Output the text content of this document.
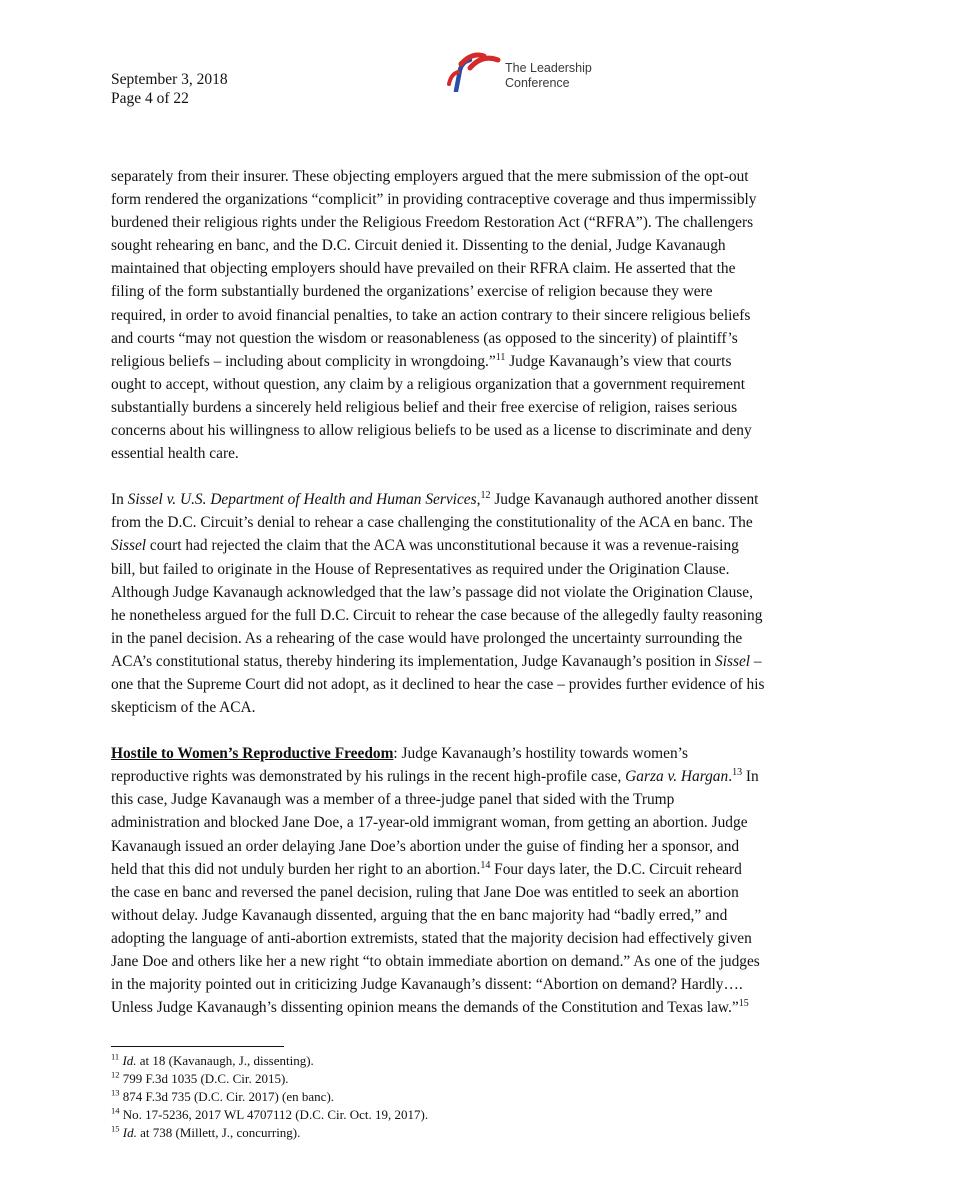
September 3, 2018
Page 4 of 22
The Leadership
Conference

separately from their insurer. These objecting employers argued that the mere submission of the opt-out
form rendered the organizations “complicit” in providing contraceptive coverage and thus impermissibly
burdened their religious rights under the Religious Freedom Restoration Act (“RFRA”). The challengers
sought rehearing en banc, and the D.C. Circuit denied it. Dissenting to the denial, Judge Kavanaugh
maintained that objecting employers should have prevailed on their RFRA claim. He asserted that the
filing of the form substantially burdened the organizations’ exercise of religion because they were
required, in order to avoid financial penalties, to take an action contrary to their sincere religious beliefs
and courts “may not question the wisdom or reasonableness (as opposed to the sincerity) of plaintiff’s
religious beliefs – including about complicity in wrongdoing.”$^{11}$ Judge Kavanaugh’s view that courts
ought to accept, without question, any claim by a religious organization that a government requirement
substantially burdens a sincerely held religious belief and their free exercise of religion, raises serious
concerns about his willingness to allow religious beliefs to be used as a license to discriminate and deny
essential health care.

In Sissel v. U.S. Department of Health and Human Services,$^{12}$ Judge Kavanaugh authored another dissent
from the D.C. Circuit’s denial to rehear a case challenging the constitutionality of the ACA en banc. The
Sissel court had rejected the claim that the ACA was unconstitutional because it was a revenue-raising
bill, but failed to originate in the House of Representatives as required under the Origination Clause.
Although Judge Kavanaugh acknowledged that the law’s passage did not violate the Origination Clause,
he nonetheless argued for the full D.C. Circuit to rehear the case because of the allegedly faulty reasoning
in the panel decision. As a rehearing of the case would have prolonged the uncertainty surrounding the
ACA’s constitutional status, thereby hindering its implementation, Judge Kavanaugh’s position in Sissel –
one that the Supreme Court did not adopt, as it declined to hear the case – provides further evidence of his
skepticism of the ACA.

Hostile to Women’s Reproductive Freedom: Judge Kavanaugh’s hostility towards women’s
reproductive rights was demonstrated by his rulings in the recent high-profile case, Garza v. Hargan.$^{13}$ In
this case, Judge Kavanaugh was a member of a three-judge panel that sided with the Trump
administration and blocked Jane Doe, a 17-year-old immigrant woman, from getting an abortion. Judge
Kavanaugh issued an order delaying Jane Doe’s abortion under the guise of finding her a sponsor, and
held that this did not unduly burden her right to an abortion.$^{14}$ Four days later, the D.C. Circuit reheard
the case en banc and reversed the panel decision, ruling that Jane Doe was entitled to seek an abortion
without delay. Judge Kavanaugh dissented, arguing that the en banc majority had “badly erred,” and
adopting the language of anti-abortion extremists, stated that the majority decision had effectively given
Jane Doe and others like her a new right “to obtain immediate abortion on demand.” As one of the judges
in the majority pointed out in criticizing Judge Kavanaugh’s dissent: “Abortion on demand? Hardly….
Unless Judge Kavanaugh’s dissenting opinion means the demands of the Constitution and Texas law.”$^{15}$

$^{11}$ Id. at 18 (Kavanaugh, J., dissenting).
$^{12}$ 799 F.3d 1035 (D.C. Cir. 2015).
$^{13}$ 874 F.3d 735 (D.C. Cir. 2017) (en banc).
$^{14}$ No. 17-5236, 2017 WL 4707112 (D.C. Cir. Oct. 19, 2017).
$^{15}$ Id. at 738 (Millett, J., concurring).
